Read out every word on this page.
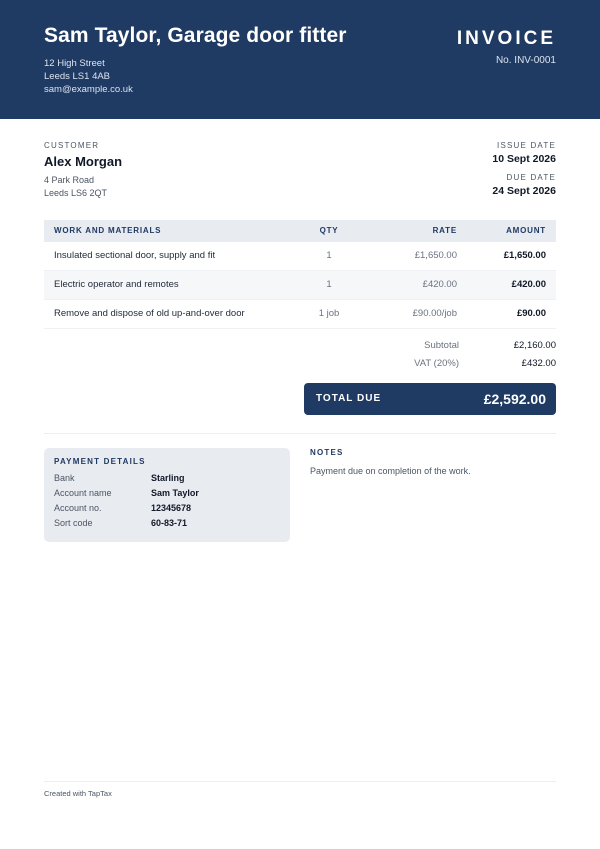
Sam Taylor, Garage door fitter
12 High Street
Leeds LS1 4AB
sam@example.co.uk
INVOICE
No. INV-0001
CUSTOMER
Alex Morgan
4 Park Road
Leeds LS6 2QT
ISSUE DATE
10 Sept 2026
DUE DATE
24 Sept 2026
WORK AND MATERIALS	QTY	RATE	AMOUNT
Insulated sectional door, supply and fit	1	£1,650.00	£1,650.00
Electric operator and remotes	1	£420.00	£420.00
Remove and dispose of old up-and-over door	1 job	£90.00/job	£90.00
Subtotal	£2,160.00
VAT (20%)	£432.00
TOTAL DUE	£2,592.00
PAYMENT DETAILS
Bank	Starling
Account name	Sam Taylor
Account no.	12345678
Sort code	60-83-71
NOTES
Payment due on completion of the work.
Created with TapTax
